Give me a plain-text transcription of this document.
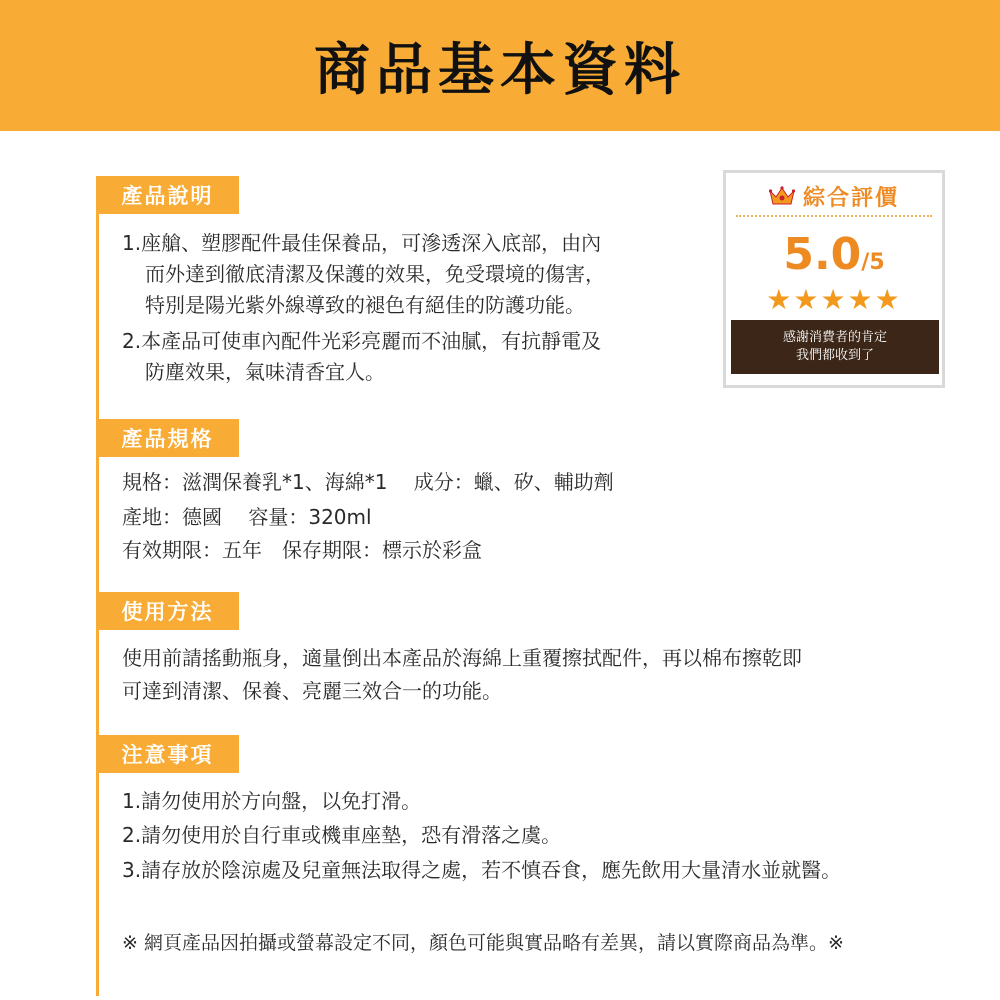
商品基本資料
產品說明
1.座艙、塑膠配件最佳保養品，可滲透深入底部，由內
而外達到徹底清潔及保護的效果，免受環境的傷害，
特別是陽光紫外線導致的褪色有絕佳的防護功能。
2.本產品可使車內配件光彩亮麗而不油膩，有抗靜電及
防塵效果，氣味清香宜人。
產品規格
規格：滋潤保養乳*1、海綿*1　 成分：蠟、矽、輔助劑
產地：德國　 容量：320ml
有效期限：五年　保存期限：標示於彩盒
使用方法
使用前請搖動瓶身，適量倒出本產品於海綿上重覆擦拭配件，再以棉布擦乾即
可達到清潔、保養、亮麗三效合一的功能。
注意事項
1.請勿使用於方向盤，以免打滑。
2.請勿使用於自行車或機車座墊，恐有滑落之虞。
3.請存放於陰涼處及兒童無法取得之處，若不慎吞食，應先飲用大量清水並就醫。
※ 網頁產品因拍攝或螢幕設定不同，顏色可能與實品略有差異，請以實際商品為準。※
綜合評價
5.0/5
★★★★★
感謝消費者的肯定
我們都收到了
